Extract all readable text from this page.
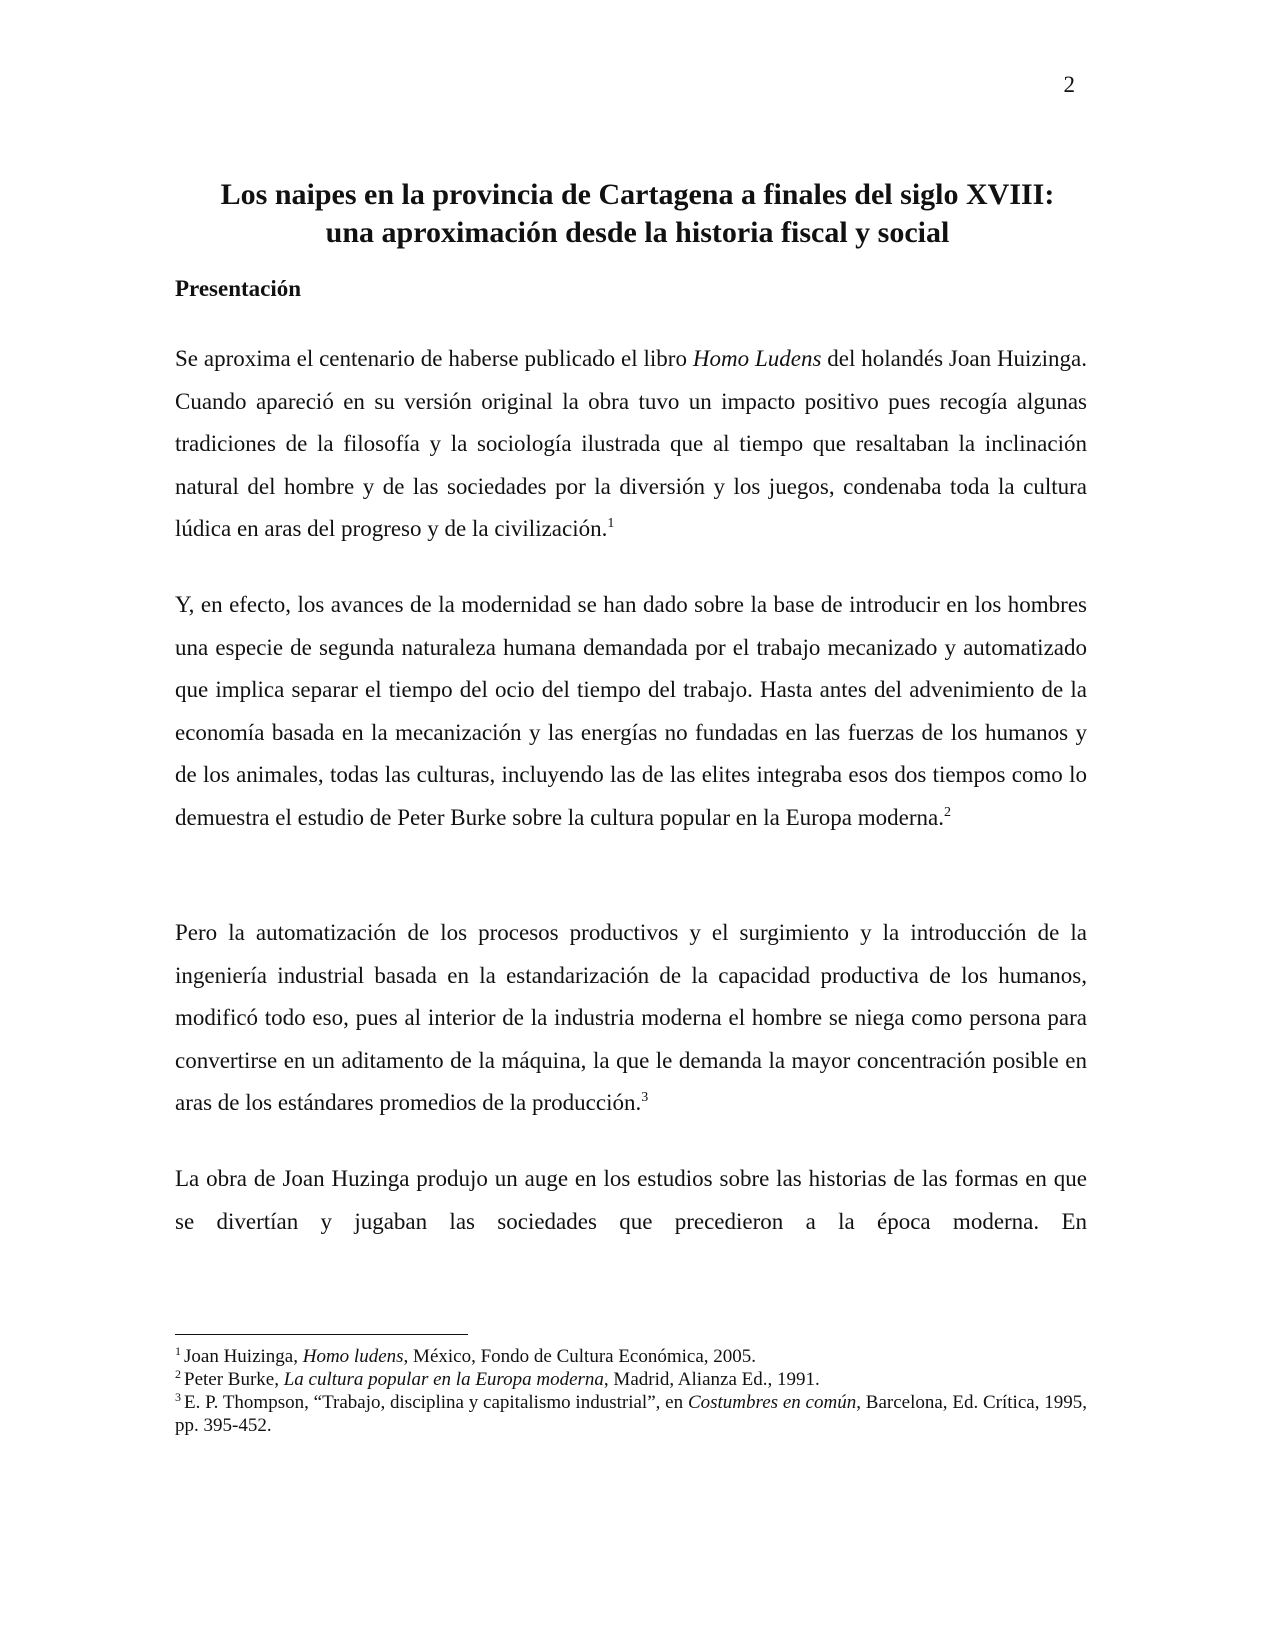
2
Los naipes en la provincia de Cartagena a finales del siglo XVIII:
una aproximación desde la historia fiscal y social
Presentación

Se aproxima el centenario de haberse publicado el libro Homo Ludens del holandés Joan Huizinga. Cuando apareció en su versión original la obra tuvo un impacto positivo pues recogía algunas tradiciones de la filosofía y la sociología ilustrada que al tiempo que resaltaban la inclinación natural del hombre y de las sociedades por la diversión y los juegos, condenaba toda la cultura lúdica en aras del progreso y de la civilización.$^1$

Y, en efecto, los avances de la modernidad se han dado sobre la base de introducir en los hombres una especie de segunda naturaleza humana demandada por el trabajo mecanizado y automatizado que implica separar el tiempo del ocio del tiempo del trabajo. Hasta antes del advenimiento de la economía basada en la mecanización y las energías no fundadas en las fuerzas de los humanos y de los animales, todas las culturas, incluyendo las de las elites integraba esos dos tiempos como lo demuestra el estudio de Peter Burke sobre la cultura popular en la Europa moderna.$^2$

Pero la automatización de los procesos productivos y el surgimiento y la introducción de la ingeniería industrial basada en la estandarización de la capacidad productiva de los humanos, modificó todo eso, pues al interior de la industria moderna el hombre se niega como persona para convertirse en un aditamento de la máquina, la que le demanda la mayor concentración posible en aras de los estándares promedios de la producción.$^3$

La obra de Joan Huzinga produjo un auge en los estudios sobre las historias de las formas en que se divertían y jugaban las sociedades que precedieron a la época moderna. En

$^1$ Joan Huizinga, Homo ludens, México, Fondo de Cultura Económica, 2005.

$^2$ Peter Burke, La cultura popular en la Europa moderna, Madrid, Alianza Ed., 1991.

$^3$ E. P. Thompson, “Trabajo, disciplina y capitalismo industrial”, en Costumbres en común, Barcelona, Ed. Crítica, 1995, pp. 395-452.
